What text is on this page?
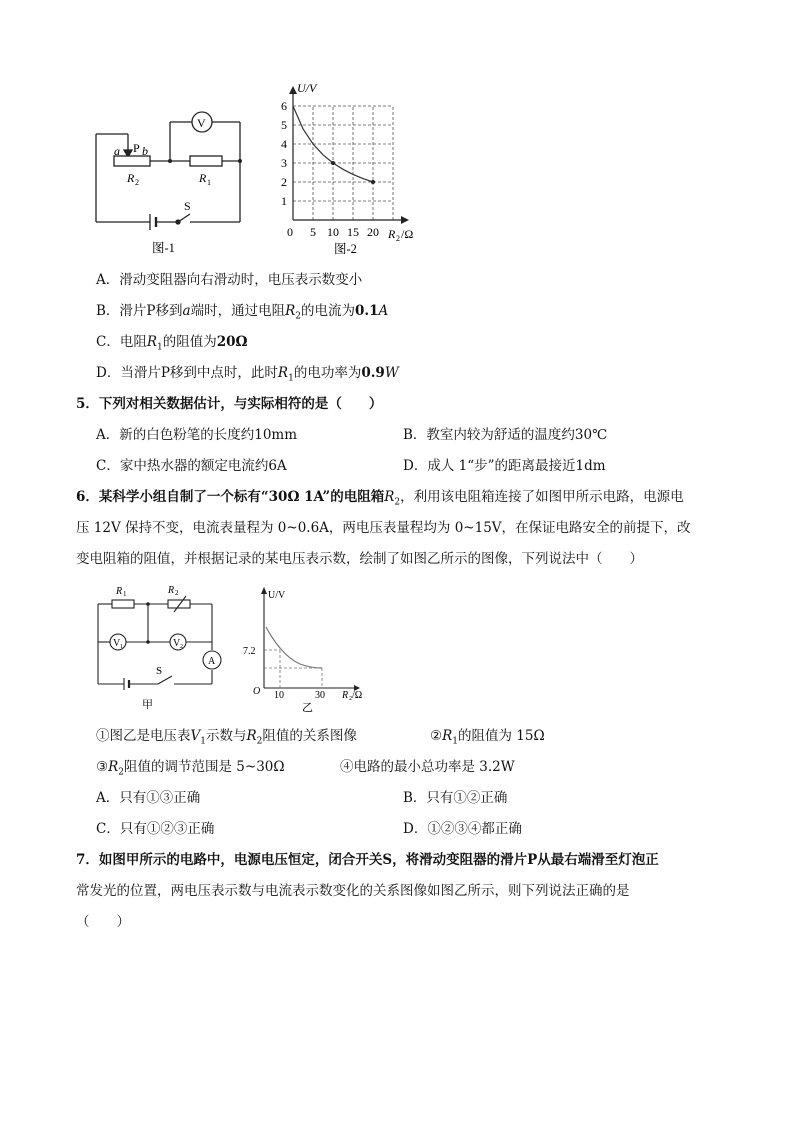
a P b
R 2	R 1
V
S
图-1
1
2
3
4
5
6
0 5 10 15 20
U/V
R 2 /Ω
图-2
A．滑动变阻器向右滑动时，电压表示数变小
B．滑片P移到a端时，通过电阻$R_2$的电流为0.1A
C．电阻$R_1$的阻值为20Ω
D．当滑片P移到中点时，此时$R_1$的电功率为0.9W
5．下列对相关数据估计，与实际相符的是（　　）
A．新的白色粉笔的长度约10mm	B．教室内较为舒适的温度约30℃
C．家中热水器的额定电流约6A	D．成人 1“步”的距离最接近1dm
6．某科学小组自制了一个标有“30Ω 1A”的电阻箱$R_2$，利用该电阻箱连接了如图甲所示电路，电源电
压 12V 保持不变，电流表量程为 0~0.6A，两电压表量程均为 0~15V，在保证电路安全的前提下，改
变电阻箱的阻值，并根据记录的某电压表示数，绘制了如图乙所示的图像，下列说法中（　　）
R 1	R 2
V 1	V 2
A
S
甲
U/V
7.2
O 10	30 R 2 /Ω
乙
①图乙是电压表$V_1$示数与$R_2$阻值的关系图像	$②R_1$的阻值为 15Ω
$③R_2$阻值的调节范围是 5~30Ω	④电路的最小总功率是 3.2W
A．只有①③正确	B．只有①②正确
C．只有①②③正确	D．①②③④都正确
7．如图甲所示的电路中，电源电压恒定，闭合开关S，将滑动变阻器的滑片P从最右端滑至灯泡正
常发光的位置，两电压表示数与电流表示数变化的关系图像如图乙所示，则下列说法正确的是
（　　）
